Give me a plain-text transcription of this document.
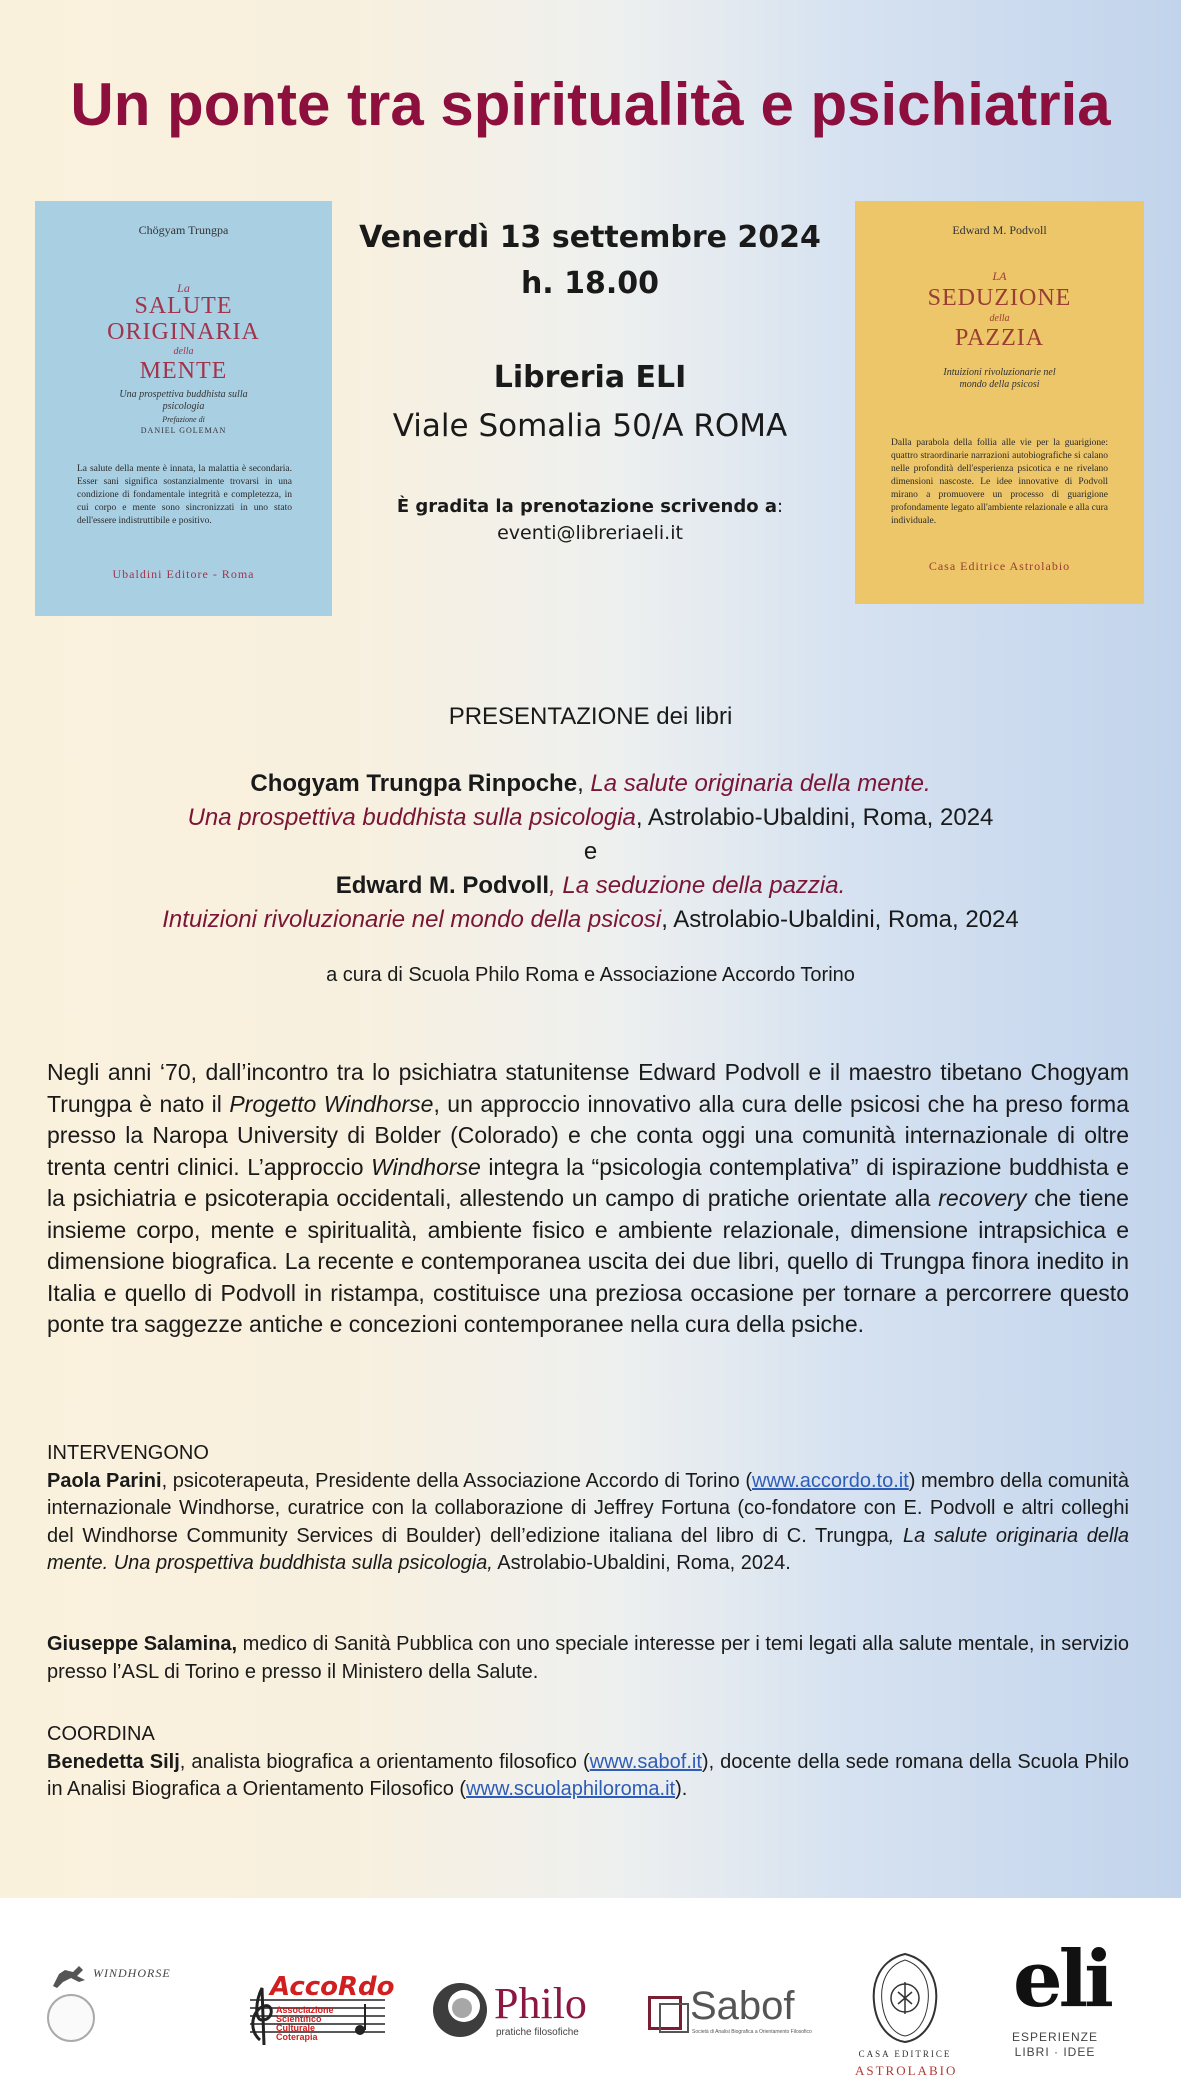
Un ponte tra spiritualità e psichiatria
Chögyam Trungpa
La
SALUTE
ORIGINARIA
della
MENTE
Una prospettiva buddhista sulla psicologia
Prefazione di
DANIEL GOLEMAN
La salute della mente è innata, la malattia è secondaria. Esser sani significa sostanzialmente trovarsi in una condizione di fondamentale integrità e completezza, in cui corpo e mente sono sincronizzati in uno stato dell'essere indistruttibile e positivo.
Ubaldini Editore - Roma
Edward M. Podvoll
LA
SEDUZIONE
della
PAZZIA
Intuizioni rivoluzionarie nel mondo della psicosi
Dalla parabola della follia alle vie per la guarigione: quattro straordinarie narrazioni autobiografiche si calano nelle profondità dell'esperienza psicotica e ne rivelano dimensioni nascoste. Le idee innovative di Podvoll mirano a promuovere un processo di guarigione profondamente legato all'ambiente relazionale e alla cura individuale.
Casa Editrice Astrolabio

Venerdì 13 settembre 2024

h. 18.00

Libreria ELI

Viale Somalia 50/A ROMA

È gradita la prenotazione scrivendo a:

eventi@libreriaeli.it

PRESENTAZIONE dei libri
Chogyam Trungpa Rinpoche, La salute originaria della mente.
Una prospettiva buddhista sulla psicologia, Astrolabio-Ubaldini, Roma, 2024
e
Edward M. Podvoll, La seduzione della pazzia.
Intuizioni rivoluzionarie nel mondo della psicosi, Astrolabio-Ubaldini, Roma, 2024
a cura di Scuola Philo Roma e Associazione Accordo Torino

Negli anni ‘70, dall’incontro tra lo psichiatra statunitense Edward Podvoll e il maestro tibetano Chogyam Trungpa è nato il Progetto Windhorse, un approccio innovativo alla cura delle psicosi che ha preso forma presso la Naropa University di Bolder (Colorado) e che conta oggi una comunità internazionale di oltre trenta centri clinici. L’approccio Windhorse integra la “psicologia contemplativa” di ispirazione buddhista e la psichiatria e psicoterapia occidentali, allestendo un campo di pratiche orientate alla recovery che tiene insieme corpo, mente e spiritualità, ambiente fisico e ambiente relazionale, dimensione intrapsichica e dimensione biografica. La recente e contemporanea uscita dei due libri, quello di Trungpa finora inedito in Italia e quello di Podvoll in ristampa, costituisce una preziosa occasione per tornare a percorrere questo ponte tra saggezze antiche e concezioni contemporanee nella cura della psiche.

INTERVENGONO
Paola Parini, psicoterapeuta, Presidente della Associazione Accordo di Torino (www.accordo.to.it) membro della comunità internazionale Windhorse, curatrice con la collaborazione di Jeffrey Fortuna (co-fondatore con E. Podvoll e altri colleghi del Windhorse Community Services di Boulder) dell’edizione italiana del libro di C. Trungpa, La salute originaria della mente. Una prospettiva buddhista sulla psicologia, Astrolabio-Ubaldini, Roma, 2024.

Giuseppe Salamina, medico di Sanità Pubblica con uno speciale interesse per i temi legati alla salute mentale, in servizio presso l’ASL di Torino e presso il Ministero della Salute.

COORDINA
Benedetta Silj, analista biografica a orientamento filosofico (www.sabof.it), docente della sede romana della Scuola Philo in Analisi Biografica a Orientamento Filosofico (www.scuolaphiloroma.it).

WINDHORSE	AccoRdo
Associazione
Scientifico
Culturale
Coterapia
Philo
pratiche filosofiche
Sabof
Società di Analisi Biografica a Orientamento Filosofico
CASA EDITRICE
ASTROLABIO
eli
ESPERIENZE
LIBRI · IDEE
